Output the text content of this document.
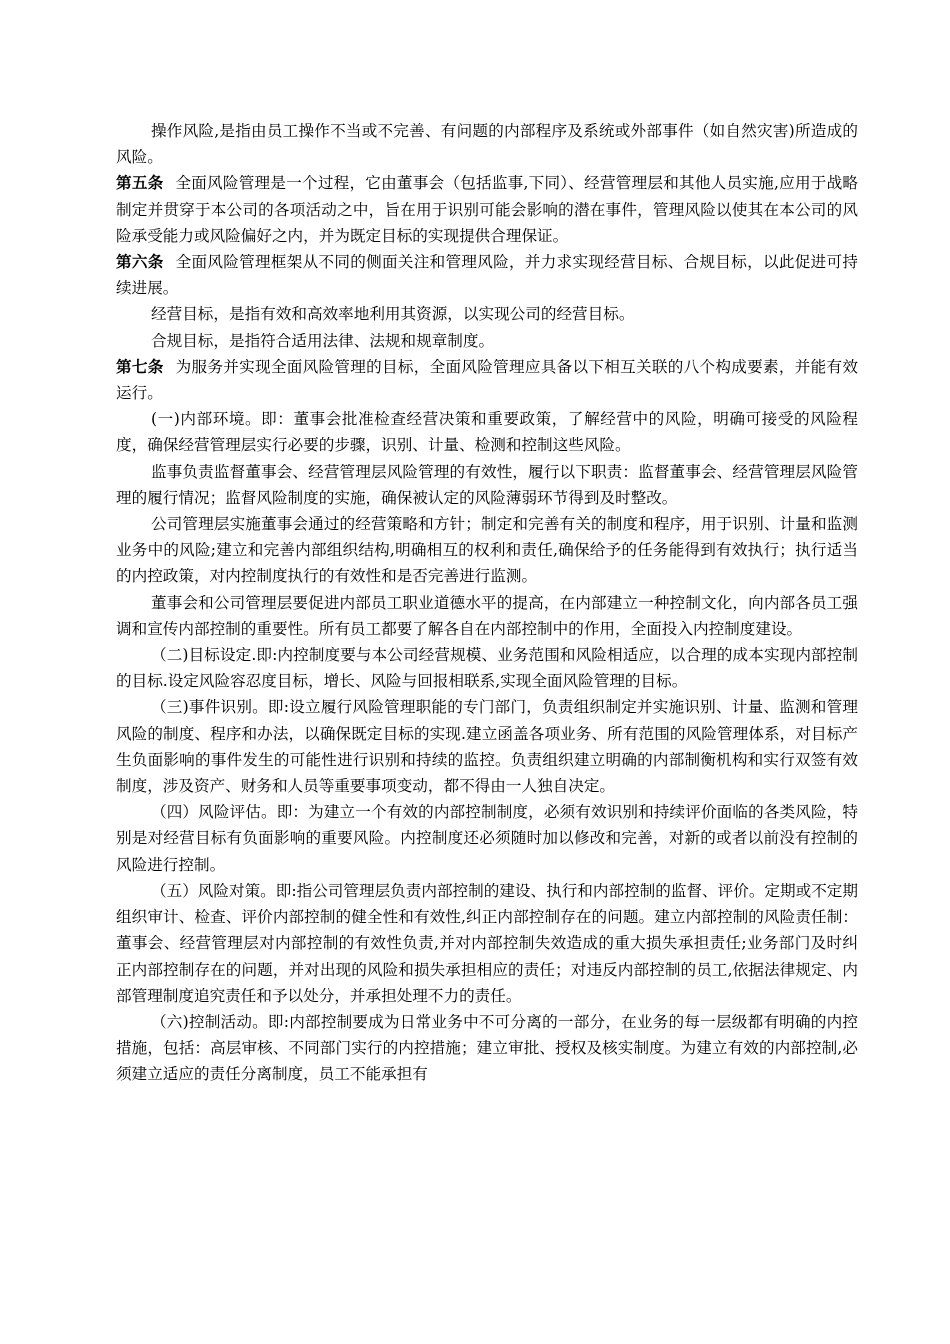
操作风险,是指由员工操作不当或不完善、有问题的内部程序及系统或外部事件（如自然灾害)所造成的风险。

第五条 全面风险管理是一个过程，它由董事会（包括监事,下同）、经营管理层和其他人员实施,应用于战略制定并贯穿于本公司的各项活动之中，旨在用于识别可能会影响的潜在事件，管理风险以使其在本公司的风险承受能力或风险偏好之内，并为既定目标的实现提供合理保证。

第六条 全面风险管理框架从不同的侧面关注和管理风险，并力求实现经营目标、合规目标，以此促进可持续进展。

经营目标，是指有效和高效率地利用其资源，以实现公司的经营目标。

合规目标，是指符合适用法律、法规和规章制度。

第七条 为服务并实现全面风险管理的目标，全面风险管理应具备以下相互关联的八个构成要素，并能有效运行。

(一)内部环境。即：董事会批准检查经营决策和重要政策，了解经营中的风险，明确可接受的风险程度，确保经营管理层实行必要的步骤，识别、计量、检测和控制这些风险。

监事负责监督董事会、经营管理层风险管理的有效性，履行以下职责：监督董事会、经营管理层风险管理的履行情况；监督风险制度的实施，确保被认定的风险薄弱环节得到及时整改。

公司管理层实施董事会通过的经营策略和方针；制定和完善有关的制度和程序，用于识别、计量和监测业务中的风险;建立和完善内部组织结构,明确相互的权利和责任,确保给予的任务能得到有效执行；执行适当的内控政策，对内控制度执行的有效性和是否完善进行监测。

董事会和公司管理层要促进内部员工职业道德水平的提高，在内部建立一种控制文化，向内部各员工强调和宣传内部控制的重要性。所有员工都要了解各自在内部控制中的作用，全面投入内控制度建设。

（二)目标设定.即:内控制度要与本公司经营规模、业务范围和风险相适应，以合理的成本实现内部控制的目标.设定风险容忍度目标，增长、风险与回报相联系,实现全面风险管理的目标。

（三)事件识别。即:设立履行风险管理职能的专门部门，负责组织制定并实施识别、计量、监测和管理风险的制度、程序和办法，以确保既定目标的实现.建立函盖各项业务、所有范围的风险管理体系，对目标产生负面影响的事件发生的可能性进行识别和持续的监控。负责组织建立明确的内部制衡机构和实行双签有效制度，涉及资产、财务和人员等重要事项变动，都不得由一人独自决定。

（四）风险评估。即：为建立一个有效的内部控制制度，必须有效识别和持续评价面临的各类风险，特别是对经营目标有负面影响的重要风险。内控制度还必须随时加以修改和完善，对新的或者以前没有控制的风险进行控制。

（五）风险对策。即:指公司管理层负责内部控制的建设、执行和内部控制的监督、评价。定期或不定期组织审计、检查、评价内部控制的健全性和有效性,纠正内部控制存在的问题。建立内部控制的风险责任制：董事会、经营管理层对内部控制的有效性负责,并对内部控制失效造成的重大损失承担责任;业务部门及时纠正内部控制存在的问题，并对出现的风险和损失承担相应的责任；对违反内部控制的员工,依据法律规定、内部管理制度追究责任和予以处分，并承担处理不力的责任。

（六)控制活动。即:内部控制要成为日常业务中不可分离的一部分，在业务的每一层级都有明确的内控措施，包括：高层审核、不同部门实行的内控措施；建立审批、授权及核实制度。为建立有效的内部控制,必须建立适应的责任分离制度，员工不能承担有
